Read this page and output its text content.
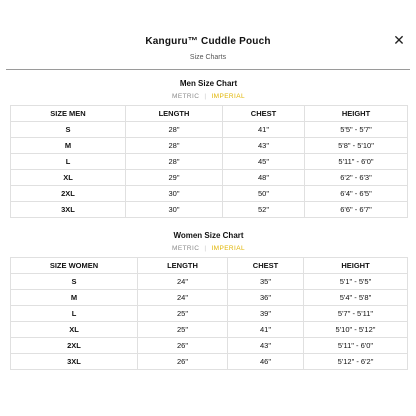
Kanguru™ Cuddle Pouch
Size Charts
✕
Men Size Chart
METRIC | IMPERIAL
SIZE MEN	LENGTH	CHEST	HEIGHT
S	28"	41"	5'5" - 5'7"
M	28"	43"	5'8" - 5'10"
L	28"	45"	5'11" - 6'0"
XL	29"	48"	6'2" - 6'3"
2XL	30"	50"	6'4" - 6'5"
3XL	30"	52"	6'6" - 6'7"
Women Size Chart
METRIC | IMPERIAL
SIZE WOMEN	LENGTH	CHEST	HEIGHT
S	24"	35"	5'1" - 5'5"
M	24"	36"	5'4" - 5'8"
L	25"	39"	5'7" - 5'11"
XL	25"	41"	5'10" - 5'12"
2XL	26"	43"	5'11" - 6'0"
3XL	26"	46"	5'12" - 6'2"
